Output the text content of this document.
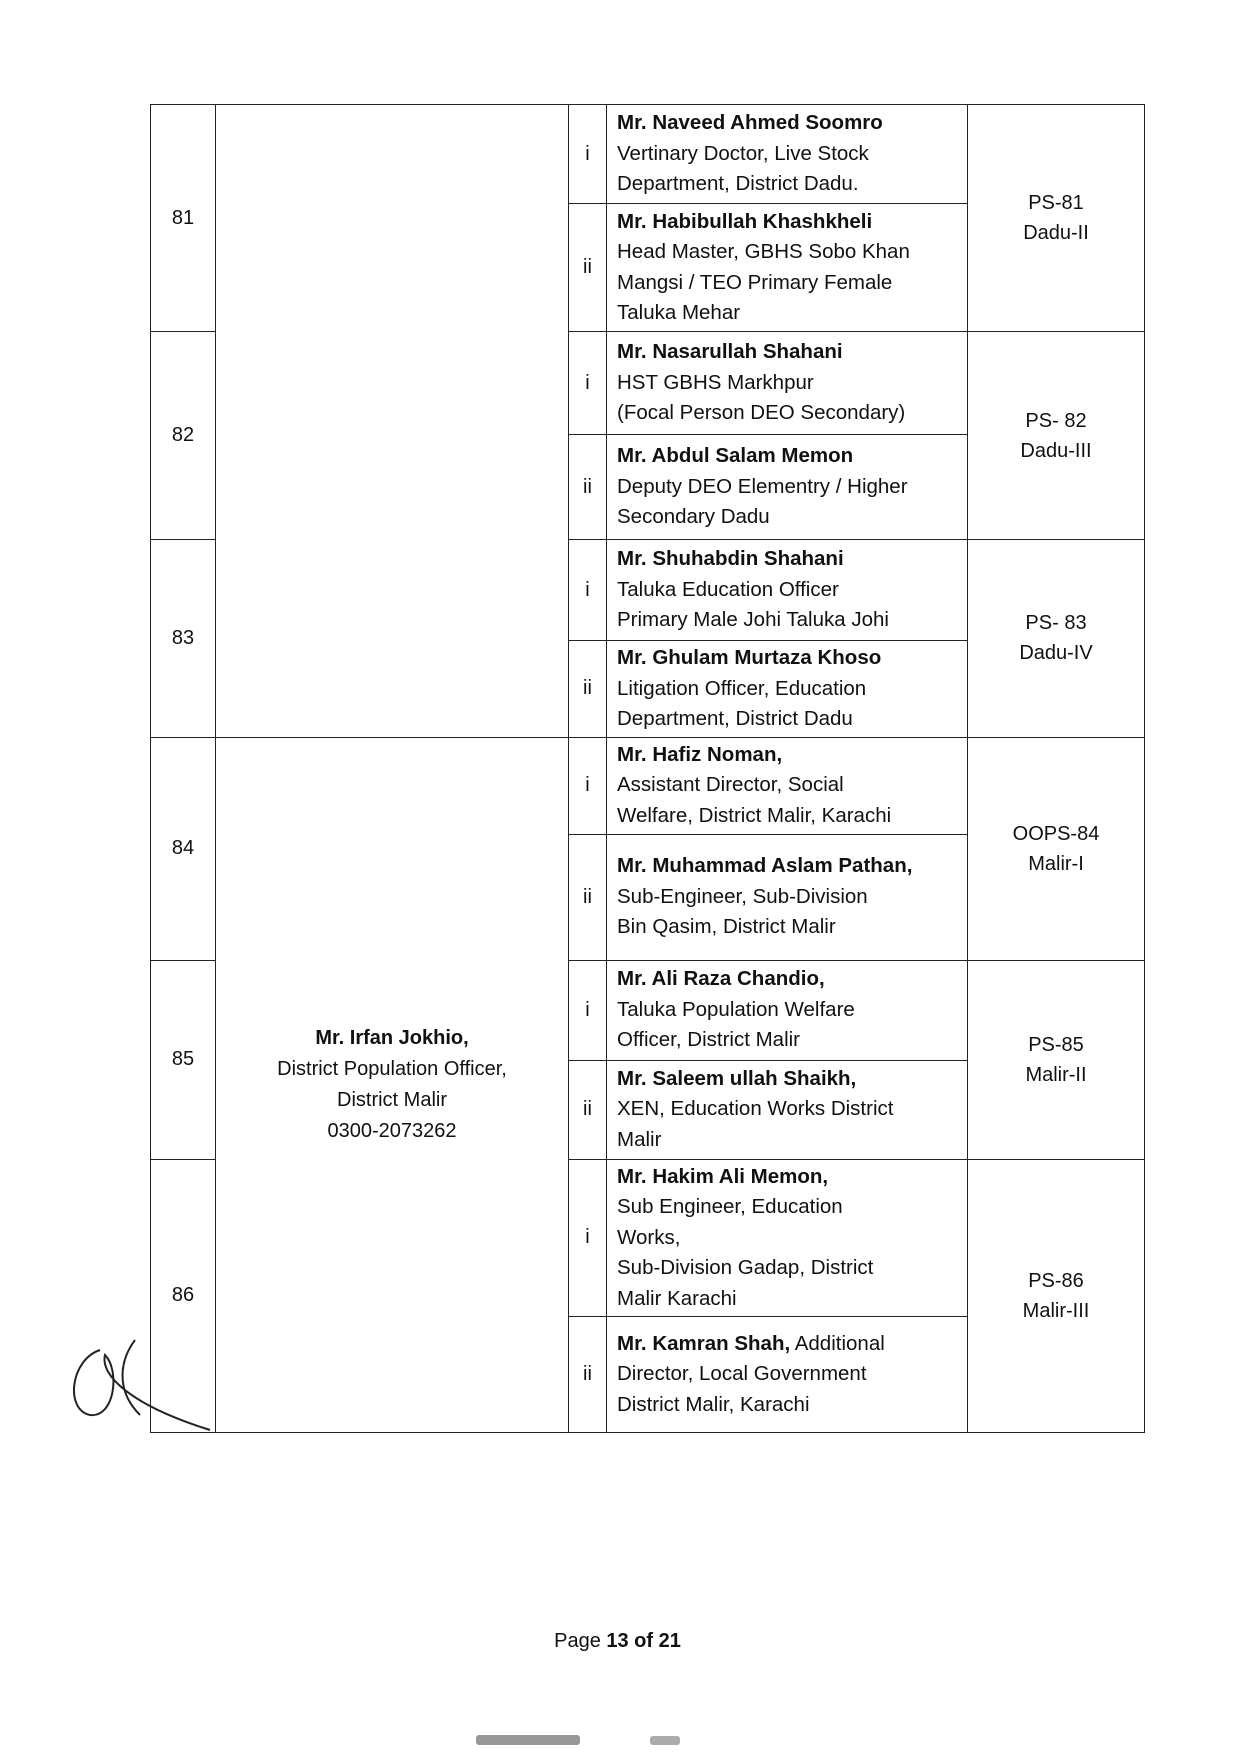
81		i	Mr. Naveed Ahmed Soomro
Vertinary Doctor, Live Stock
Department, District Dadu.	PS-81
Dadu-II

		ii	Mr. Habibullah Khashkheli
Head Master, GBHS Sobo Khan
Mangsi / TEO Primary Female
Taluka Mehar	

82		i	Mr. Nasarullah Shahani
HST GBHS Markhpur
(Focal Person DEO Secondary)	PS- 82
Dadu-III

		ii	Mr. Abdul Salam Memon
Deputy DEO Elementry / Higher
Secondary Dadu	

83		i	Mr. Shuhabdin Shahani
Taluka Education Officer
Primary Male Johi Taluka Johi	PS- 83
Dadu-IV

		ii	Mr. Ghulam Murtaza Khoso
Litigation Officer, Education
Department, District Dadu	

84	Mr. Irfan Jokhio,
District Population Officer,
District Malir
0300-2073262	i	Mr. Hafiz Noman,
Assistant Director, Social
Welfare, District Malir, Karachi	OOPS-84
Malir-I

		ii	Mr. Muhammad Aslam Pathan,
Sub-Engineer, Sub-Division
Bin Qasim, District Malir	

85		i	Mr. Ali Raza Chandio,
Taluka Population Welfare
Officer, District Malir	PS-85
Malir-II

		ii	Mr. Saleem ullah Shaikh,
XEN, Education Works District
Malir	

86		i	Mr. Hakim Ali Memon,
Sub Engineer, Education
Works,
Sub-Division Gadap, District
Malir Karachi	PS-86
Malir-III

		ii	Mr. Kamran Shah, Additional
Director, Local Government
District Malir, Karachi	
Page 13 of 21
